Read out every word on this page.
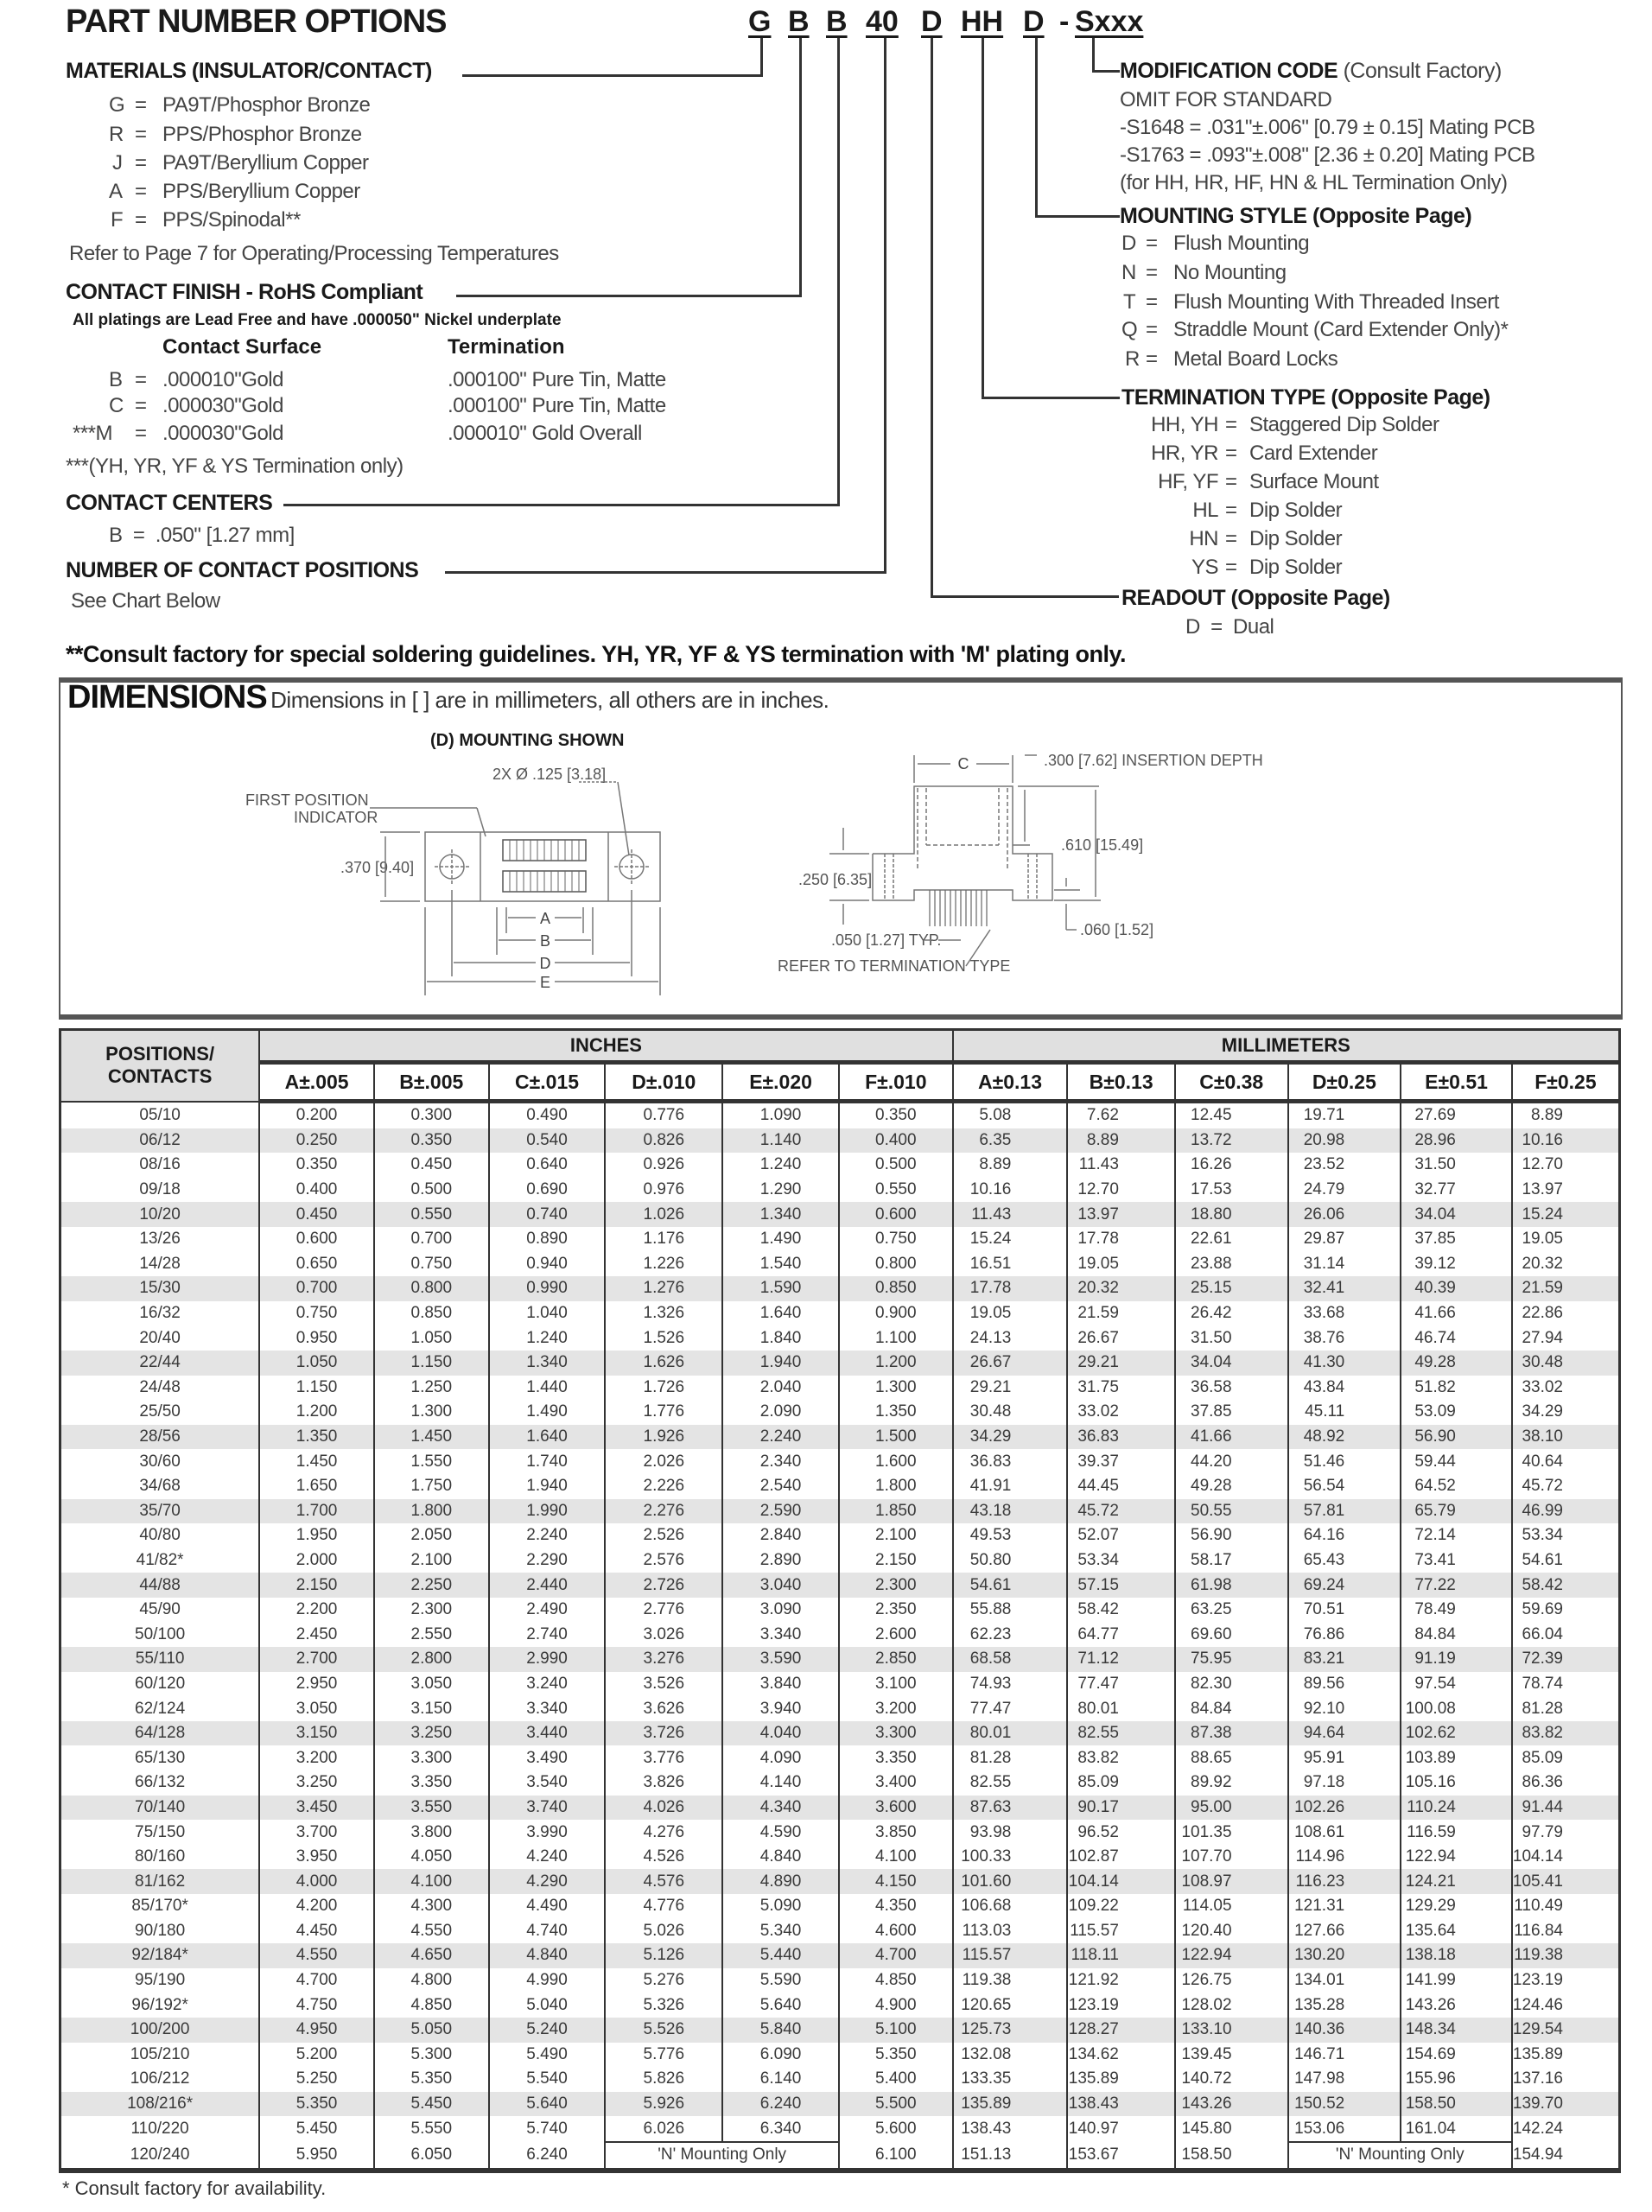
PART NUMBER OPTIONS	G B B 40 D HH D - Sxxx
MATERIALS (INSULATOR/CONTACT)
G = PA9T/Phosphor Bronze
R = PPS/Phosphor Bronze
J = PA9T/Beryllium Copper
A = PPS/Beryllium Copper
F = PPS/Spinodal**
Refer to Page 7 for Operating/Processing Temperatures
CONTACT FINISH - RoHS Compliant
All platings are Lead Free and have .000050" Nickel underplate
Contact Surface	Termination
B = .000010"Gold	.000100" Pure Tin, Matte
C = .000030"Gold	.000100" Pure Tin, Matte
***M = .000030"Gold	.000010" Gold Overall
***(YH, YR, YF & YS Termination only)
CONTACT CENTERS
B  =  .050" [1.27 mm]
NUMBER OF CONTACT POSITIONS
See Chart Below
MODIFICATION CODE (Consult Factory)
OMIT FOR STANDARD
-S1648 = .031"±.006" [0.79 ± 0.15] Mating PCB
-S1763 = .093"±.008" [2.36 ± 0.20] Mating PCB
(for HH, HR, HF, HN & HL Termination Only)
MOUNTING STYLE (Opposite Page)
D = Flush Mounting
N = No Mounting
T = Flush Mounting With Threaded Insert
Q = Straddle Mount (Card Extender Only)*
R = Metal Board Locks
TERMINATION TYPE (Opposite Page)
HH, YH = Staggered Dip Solder
HR, YR = Card Extender
HF, YF = Surface Mount
HL = Dip Solder
HN = Dip Solder
YS = Dip Solder
READOUT (Opposite Page)
D  =  Dual
**Consult factory for special soldering guidelines. YH, YR, YF & YS termination with 'M' plating only.
DIMENSIONS Dimensions in [ ] are in millimeters, all others are in inches.
(D) MOUNTING SHOWN
2X Ø .125 [3.18]
FIRST POSITION
INDICATOR
.370 [9.40]
A
B
D
E
.300 [7.62] INSERTION DEPTH
.610 [15.49]
.250 [6.35]
.050 [1.27] TYP.
REFER TO TERMINATION TYPE
.060 [1.52]
C
POSITIONS/
CONTACTS	INCHES						MILLIMETERS					
	A±.005	B±.005	C±.015	D±.010	E±.020	F±.010	A±0.13	B±0.13	C±0.38	D±0.25	E±0.51	F±0.25
05/10	0.200	0.300	0.490	0.776	1.090	0.350	5.08	7.62	12.45	19.71	27.69	8.89
06/12	0.250	0.350	0.540	0.826	1.140	0.400	6.35	8.89	13.72	20.98	28.96	10.16
08/16	0.350	0.450	0.640	0.926	1.240	0.500	8.89	11.43	16.26	23.52	31.50	12.70
09/18	0.400	0.500	0.690	0.976	1.290	0.550	10.16	12.70	17.53	24.79	32.77	13.97
10/20	0.450	0.550	0.740	1.026	1.340	0.600	11.43	13.97	18.80	26.06	34.04	15.24
13/26	0.600	0.700	0.890	1.176	1.490	0.750	15.24	17.78	22.61	29.87	37.85	19.05
14/28	0.650	0.750	0.940	1.226	1.540	0.800	16.51	19.05	23.88	31.14	39.12	20.32
15/30	0.700	0.800	0.990	1.276	1.590	0.850	17.78	20.32	25.15	32.41	40.39	21.59
16/32	0.750	0.850	1.040	1.326	1.640	0.900	19.05	21.59	26.42	33.68	41.66	22.86
20/40	0.950	1.050	1.240	1.526	1.840	1.100	24.13	26.67	31.50	38.76	46.74	27.94
22/44	1.050	1.150	1.340	1.626	1.940	1.200	26.67	29.21	34.04	41.30	49.28	30.48
24/48	1.150	1.250	1.440	1.726	2.040	1.300	29.21	31.75	36.58	43.84	51.82	33.02
25/50	1.200	1.300	1.490	1.776	2.090	1.350	30.48	33.02	37.85	45.11	53.09	34.29
28/56	1.350	1.450	1.640	1.926	2.240	1.500	34.29	36.83	41.66	48.92	56.90	38.10
30/60	1.450	1.550	1.740	2.026	2.340	1.600	36.83	39.37	44.20	51.46	59.44	40.64
34/68	1.650	1.750	1.940	2.226	2.540	1.800	41.91	44.45	49.28	56.54	64.52	45.72
35/70	1.700	1.800	1.990	2.276	2.590	1.850	43.18	45.72	50.55	57.81	65.79	46.99
40/80	1.950	2.050	2.240	2.526	2.840	2.100	49.53	52.07	56.90	64.16	72.14	53.34
41/82*	2.000	2.100	2.290	2.576	2.890	2.150	50.80	53.34	58.17	65.43	73.41	54.61
44/88	2.150	2.250	2.440	2.726	3.040	2.300	54.61	57.15	61.98	69.24	77.22	58.42
45/90	2.200	2.300	2.490	2.776	3.090	2.350	55.88	58.42	63.25	70.51	78.49	59.69
50/100	2.450	2.550	2.740	3.026	3.340	2.600	62.23	64.77	69.60	76.86	84.84	66.04
55/110	2.700	2.800	2.990	3.276	3.590	2.850	68.58	71.12	75.95	83.21	91.19	72.39
60/120	2.950	3.050	3.240	3.526	3.840	3.100	74.93	77.47	82.30	89.56	97.54	78.74
62/124	3.050	3.150	3.340	3.626	3.940	3.200	77.47	80.01	84.84	92.10	100.08	81.28
64/128	3.150	3.250	3.440	3.726	4.040	3.300	80.01	82.55	87.38	94.64	102.62	83.82
65/130	3.200	3.300	3.490	3.776	4.090	3.350	81.28	83.82	88.65	95.91	103.89	85.09
66/132	3.250	3.350	3.540	3.826	4.140	3.400	82.55	85.09	89.92	97.18	105.16	86.36
70/140	3.450	3.550	3.740	4.026	4.340	3.600	87.63	90.17	95.00	102.26	110.24	91.44
75/150	3.700	3.800	3.990	4.276	4.590	3.850	93.98	96.52	101.35	108.61	116.59	97.79
80/160	3.950	4.050	4.240	4.526	4.840	4.100	100.33	102.87	107.70	114.96	122.94	104.14
81/162	4.000	4.100	4.290	4.576	4.890	4.150	101.60	104.14	108.97	116.23	124.21	105.41
85/170*	4.200	4.300	4.490	4.776	5.090	4.350	106.68	109.22	114.05	121.31	129.29	110.49
90/180	4.450	4.550	4.740	5.026	5.340	4.600	113.03	115.57	120.40	127.66	135.64	116.84
92/184*	4.550	4.650	4.840	5.126	5.440	4.700	115.57	118.11	122.94	130.20	138.18	119.38
95/190	4.700	4.800	4.990	5.276	5.590	4.850	119.38	121.92	126.75	134.01	141.99	123.19
96/192*	4.750	4.850	5.040	5.326	5.640	4.900	120.65	123.19	128.02	135.28	143.26	124.46
100/200	4.950	5.050	5.240	5.526	5.840	5.100	125.73	128.27	133.10	140.36	148.34	129.54
105/210	5.200	5.300	5.490	5.776	6.090	5.350	132.08	134.62	139.45	146.71	154.69	135.89
106/212	5.250	5.350	5.540	5.826	6.140	5.400	133.35	135.89	140.72	147.98	155.96	137.16
108/216*	5.350	5.450	5.640	5.926	6.240	5.500	135.89	138.43	143.26	150.52	158.50	139.70
110/220	5.450	5.550	5.740	6.026	6.340	5.600	138.43	140.97	145.80	153.06	161.04	142.24
120/240	5.950	6.050	6.240	'N' Mounting Only		6.100	151.13	153.67	158.50	'N' Mounting Only		154.94
* Consult factory for availability.
